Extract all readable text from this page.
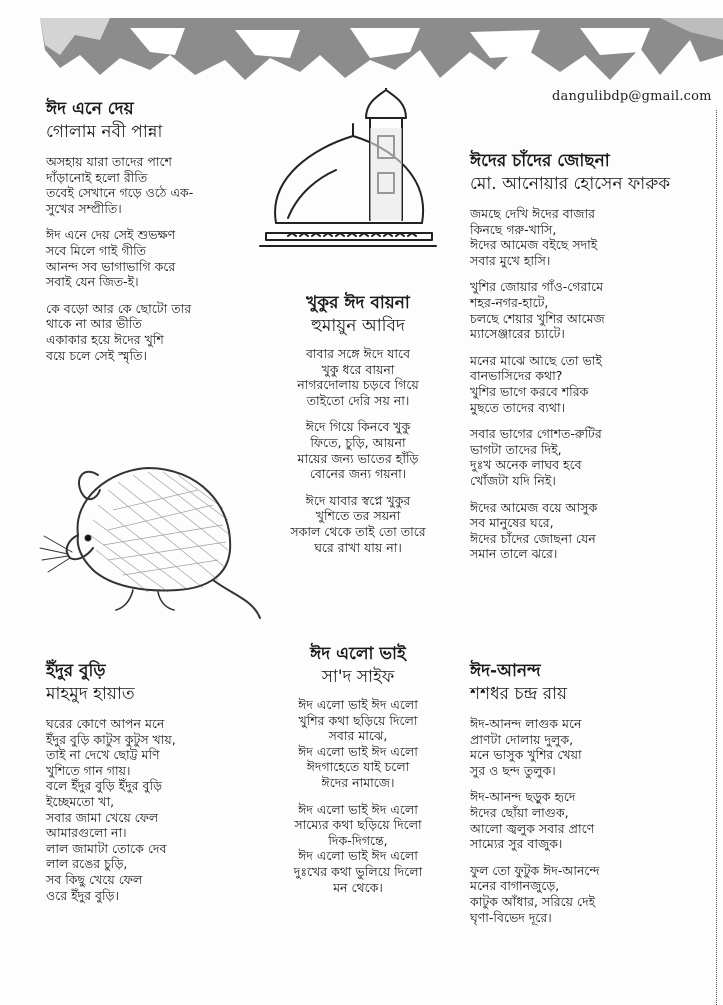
dangulibdp@gmail.com
ঈদ এনে দেয়
গোলাম নবী পান্না
অসহায় যারা তাদের পাশে
দাঁড়ানোই হলো রীতি
তবেই সেখানে গড়ে ওঠে এক-
সুখের সম্প্রীতি।
ঈদ এনে দেয় সেই শুভক্ষণ
সবে মিলে গাই গীতি
আনন্দ সব ভাগাভাগি করে
সবাই যেন জিত-ই।
কে বড়ো আর কে ছোটো তার
থাকে না আর ভীতি
একাকার হয়ে ঈদের খুশি
বয়ে চলে সেই স্মৃতি।
ঈদের চাঁদের জোছনা
মো. আনোয়ার হোসেন ফারুক
জমছে দেখি ঈদের বাজার
কিনছে গরু-খাসি,
ঈদের আমেজ বইছে সদাই
সবার মুখে হাসি।
খুশির জোয়ার গাঁও-গেরামে
শহর-নগর-হাটে,
চলছে শেয়ার খুশির আমেজ
ম্যাসেঞ্জারের চ্যাটে।
মনের মাঝে আছে তো ভাই
বানভাসিদের কথা?
খুশির ভাগে করবে শরিক
মুছতে তাদের ব্যথা।
সবার ভাগের গোশত-রুটির
ভাগটা তাদের দিই,
দুঃখ অনেক লাঘব হবে
খোঁজটা যদি নিই।
ঈদের আমেজ বয়ে আসুক
সব মানুষের ঘরে,
ঈদের চাঁদের জোছনা যেন
সমান তালে ঝরে।
খুকুর ঈদ বায়না
হুমায়ুন আবিদ
বাবার সঙ্গে ঈদে যাবে
খুকু ধরে বায়না
নাগরদোলায় চড়বে গিয়ে
তাইতো দেরি সয় না।
ঈদে গিয়ে কিনবে খুকু
ফিতে, চুড়ি, আয়না
মায়ের জন্য ভাতের হাঁড়ি
বোনের জন্য গয়না।
ঈদে যাবার স্বপ্নে খুকুর
খুশিতে তর সয়না
সকাল থেকে তাই তো তারে
ঘরে রাখা যায় না।
ইঁদুর বুড়ি
মাহমুদ হায়াত
ঘরের কোণে আপন মনে
ইঁদুর বুড়ি কাটুস কুটুস খায়,
তাই না দেখে ছোট্ট মণি
খুশিতে গান গায়।
বলে ইঁদুর বুড়ি ইঁদুর বুড়ি
ইচ্ছেমতো খা,
সবার জামা খেয়ে ফেল
আমারগুলো না।
লাল জামাটা তোকে দেব
লাল রঙের চুড়ি,
সব কিছু খেয়ে ফেল
ওরে ইঁদুর বুড়ি।
ঈদ এলো ভাই
সা'দ সাইফ
ঈদ এলো ভাই ঈদ এলো
খুশির কথা ছড়িয়ে দিলো
সবার মাঝে,
ঈদ এলো ভাই ঈদ এলো
ঈদগাহেতে যাই চলো
ঈদের নামাজে।
ঈদ এলো ভাই ঈদ এলো
সাম্যের কথা ছড়িয়ে দিলো
দিক-দিগন্তে,
ঈদ এলো ভাই ঈদ এলো
দুঃখের কথা ভুলিয়ে দিলো
মন থেকে।
ঈদ-আনন্দ
শশধর চন্দ্র রায়
ঈদ-আনন্দ লাগুক মনে
প্রাণটা দোলায় দুলুক,
মনে ভাসুক খুশির খেয়া
সুর ও ছন্দ তুলুক।
ঈদ-আনন্দ ছড়ুক হৃদে
ঈদের ছোঁয়া লাগুক,
আলো জ্বলুক সবার প্রাণে
সাম্যের সুর বাজুক।
ফুল তো ফুটুক ঈদ-আনন্দে
মনের বাগানজুড়ে,
কাটুক আঁধার, সরিয়ে দেই
ঘৃণা-বিভেদ দূরে।
